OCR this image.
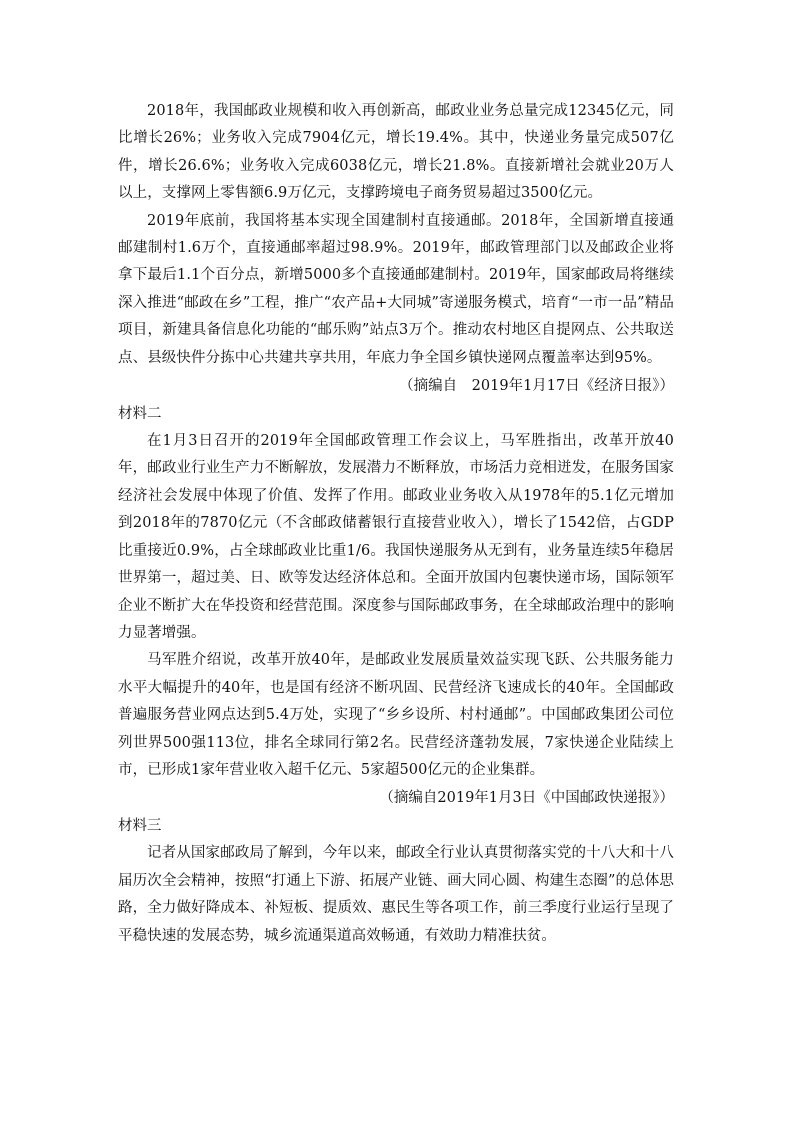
2018年，我国邮政业规模和收入再创新高，邮政业业务总量完成12345亿元，同比增长26%；业务收入完成7904亿元，增长19.4%。其中，快递业务量完成507亿件，增长26.6%；业务收入完成6038亿元，增长21.8%。直接新增社会就业20万人以上，支撑网上零售额6.9万亿元，支撑跨境电子商务贸易超过3500亿元。

2019年底前，我国将基本实现全国建制村直接通邮。2018年，全国新增直接通邮建制村1.6万个，直接通邮率超过98.9%。2019年，邮政管理部门以及邮政企业将拿下最后1.1个百分点，新增5000多个直接通邮建制村。2019年，国家邮政局将继续深入推进“邮政在乡”工程，推广“农产品+大同城”寄递服务模式，培育“一市一品”精品项目，新建具备信息化功能的“邮乐购”站点3万个。推动农村地区自提网点、公共取送点、县级快件分拣中心共建共享共用，年底力争全国乡镇快递网点覆盖率达到95%。

（摘编自　2019年1月17日《经济日报》）

材料二

在1月3日召开的2019年全国邮政管理工作会议上，马军胜指出，改革开放40年，邮政业行业生产力不断解放，发展潜力不断释放，市场活力竞相迸发，在服务国家经济社会发展中体现了价值、发挥了作用。邮政业业务收入从1978年的5.1亿元增加到2018年的7870亿元（不含邮政储蓄银行直接营业收入），增长了1542倍，占GDP比重接近0.9%，占全球邮政业比重1/6。我国快递服务从无到有，业务量连续5年稳居世界第一，超过美、日、欧等发达经济体总和。全面开放国内包裹快递市场，国际领军企业不断扩大在华投资和经营范围。深度参与国际邮政事务，在全球邮政治理中的影响力显著增强。

马军胜介绍说，改革开放40年，是邮政业发展质量效益实现飞跃、公共服务能力水平大幅提升的40年，也是国有经济不断巩固、民营经济飞速成长的40年。全国邮政普遍服务营业网点达到5.4万处，实现了“乡乡设所、村村通邮”。中国邮政集团公司位列世界500强113位，排名全球同行第2名。民营经济蓬勃发展，7家快递企业陆续上市，已形成1家年营业收入超千亿元、5家超500亿元的企业集群。

（摘编自2019年1月3日《中国邮政快递报》）

材料三

记者从国家邮政局了解到，今年以来，邮政全行业认真贯彻落实党的十八大和十八届历次全会精神，按照“打通上下游、拓展产业链、画大同心圆、构建生态圈”的总体思路，全力做好降成本、补短板、提质效、惠民生等各项工作，前三季度行业运行呈现了平稳快速的发展态势，城乡流通渠道高效畅通，有效助力精准扶贫。
